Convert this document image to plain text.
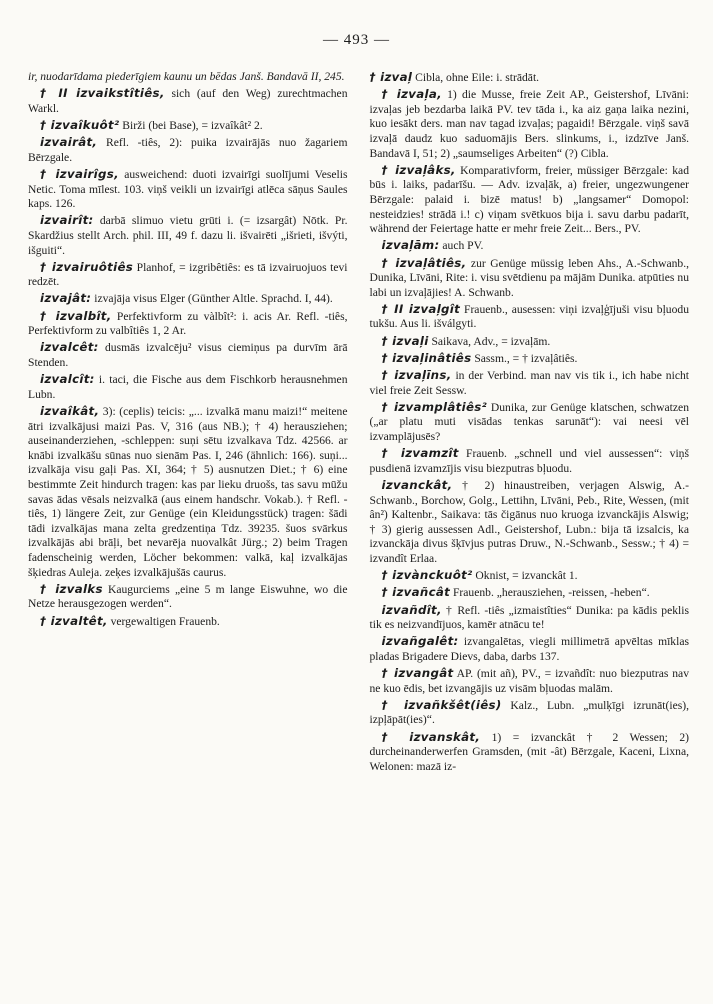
— 493 —

ir, nuodarīdama piederīgiem kaunu un bēdas Janš. Bandavā II, 245.

† II izvaikstîtiês, sich (auf den Weg) zurechtmachen Warkl.

† izvaîkuôt² Birži (bei Base), = izvaîkât² 2.

izvairât, Refl. -tiês, 2): puika izvairājās nuo žagariem Bērzgale.

† izvairîgs, ausweichend: duoti izvairīgi suolījumi Veselis Netic. Toma mīlest. 103. viņš veikli un izvairīgi atlēca sāņus Saules kaps. 126.

izvairît: darbā slimuo vietu grūti i. (= izsargât) Nōtk. Pr. Skardžius stellt Arch. phil. III, 49 f. dazu li. išvairēti „išrieti, išvýti, išguiti“.

† izvairuôtiês Planhof, = izgribêtiês: es tā izvairuojuos tevi redzēt.

izvajât: izvajāja visus Elger (Günther Altle. Sprachd. I, 44).

† izvalbît, Perfektivform zu vàlbît²: i. acis Ar. Refl. -tiês, Perfektivform zu valbîtiês 1, 2 Ar.

izvalcêt: dusmās izvalcēju² visus ciemiņus pa durvīm ārā Stenden.

izvalcît: i. taci, die Fische aus dem Fischkorb herausnehmen Lubn.

izvaîkât, 3): (ceplis) teicis: „... izvalkā manu maizi!“ meitene ātri izvalkājusi maizi Pas. V, 316 (aus NB.); † 4) herausziehen; auseinanderziehen, -schleppen: suņi sētu izvalkava Tdz. 42566. ar knābi izvalkāšu sūnas nuo sienām Pas. I, 246 (ähnlich: 166). suņi... izvalkāja visu gaļi Pas. XI, 364; † 5) ausnutzen Diet.; † 6) eine bestimmte Zeit hindurch tragen: kas par lieku druošs, tas savu mūžu savas ādas vēsals neizvalkā (aus einem handschr. Vokab.). † Refl. -tiês, 1) längere Zeit, zur Genüge (ein Kleidungsstück) tragen: šādi tādi izvalkājas mana zelta gredzentiņa Tdz. 39235. šuos svārkus izvalkājās abi brāļi, bet nevarēja nuovalkât Jürg.; 2) beim Tragen fadenscheinig werden, Löcher bekommen: valkā, kaļ izvalkājas šķiedras Auleja. zeķes izvalkājušās caurus.

† izvalks Kaugurciems „eine 5 m lange Eiswuhne, wo die Netze herausgezogen werden“.

† izvaltêt, vergewaltigen Frauenb.

† izvaļ Cibla, ohne Eile: i. strādāt.

† izvaļa, 1) die Musse, freie Zeit AP., Geistershof, Līvāni: izvaļas jeb bezdarba laikā PV. tev tāda i., ka aiz gaņa laika nezini, kuo iesākt ders. man nav tagad izvaļas; pagaidi! Bērzgale. viņš savā izvaļā daudz kuo saduomājis Bers. slinkums, i., izdzīve Janš. Bandavā I, 51; 2) „saumseliges Arbeiten“ (?) Cibla.

† izvaļâks, Komparativform, freier, müssiger Bērzgale: kad būs i. laiks, padarīšu. — Adv. izvaļāk, a) freier, ungezwungener Bērzgale: palaid i. bizē matus! b) „langsamer“ Domopol: nesteidzies! strādā i.! c) viņam svētkuos bija i. savu darbu padarīt, während der Feiertage hatte er mehr freie Zeit... Bers., PV.

izvaļām: auch PV.

† izvaļâtiês, zur Genüge müssig leben Ahs., A.-Schwanb., Dunika, Līvāni, Rite: i. visu svētdienu pa mājām Dunika. atpūties nu labi un izvaļājies! A. Schwanb.

† II izvaļgît Frauenb., ausessen: viņi izvaļģījuši visu bļuodu tukšu. Aus li. išválgyti.

† izvaļi Saikava, Adv., = izvaļām.

† izvaļinâtiês Sassm., = † izvaļâtiês.

† izvaļīns, in der Verbind. man nav vis tik i., ich habe nicht viel freie Zeit Sessw.

† izvamplâtiês² Dunika, zur Genüge klatschen, schwatzen („ar platu muti visādas tenkas sarunāt“): vai neesi vēl izvamplājusēs?

† izvamzît Frauenb. „schnell und viel aussessen“: viņš pusdienā izvamzījis visu biezputras bļuodu.

izvanckât, † 2) hinaustreiben, verjagen Alswig, A.-Schwanb., Borchow, Golg., Lettihn, Līvāni, Peb., Rite, Wessen, (mit ân²) Kaltenbr., Saikava: tās čigānus nuo kruoga izvanckājis Alswig; † 3) gierig aussessen Adl., Geistershof, Lubn.: bija tā izsalcis, ka izvanckāja divus šķīvjus putras Druw., N.-Schwanb., Sessw.; † 4) = izvandît Erlaa.

† izvànckuôt² Oknist, = izvanckât 1.

† izvañcât Frauenb. „herausziehen, -reissen, -heben“.

izvañdît, † Refl. -tiês „izmaistîties“ Dunika: pa kādis peklis tik es neizvandījuos, kamēr atnācu te!

izvañgalêt: izvangalētas, viegli millimetrā apvēltas mīklas pladas Brigadere Dievs, daba, darbs 137.

† izvangât AP. (mit añ), PV., = izvañdît: nuo biezputras nav ne kuo ēdis, bet izvangājis uz visām bļuodas malām.

† izvañkšêt(iês) Kalz., Lubn. „mulķīgi izrunāt(ies), izpļāpāt(ies)“.

† izvanskât, 1) = izvanckât † 2 Wessen; 2) durcheinanderwerfen Gramsden, (mit -ât) Bērzgale, Kaceni, Lixna, Welonen: mazā iz-
